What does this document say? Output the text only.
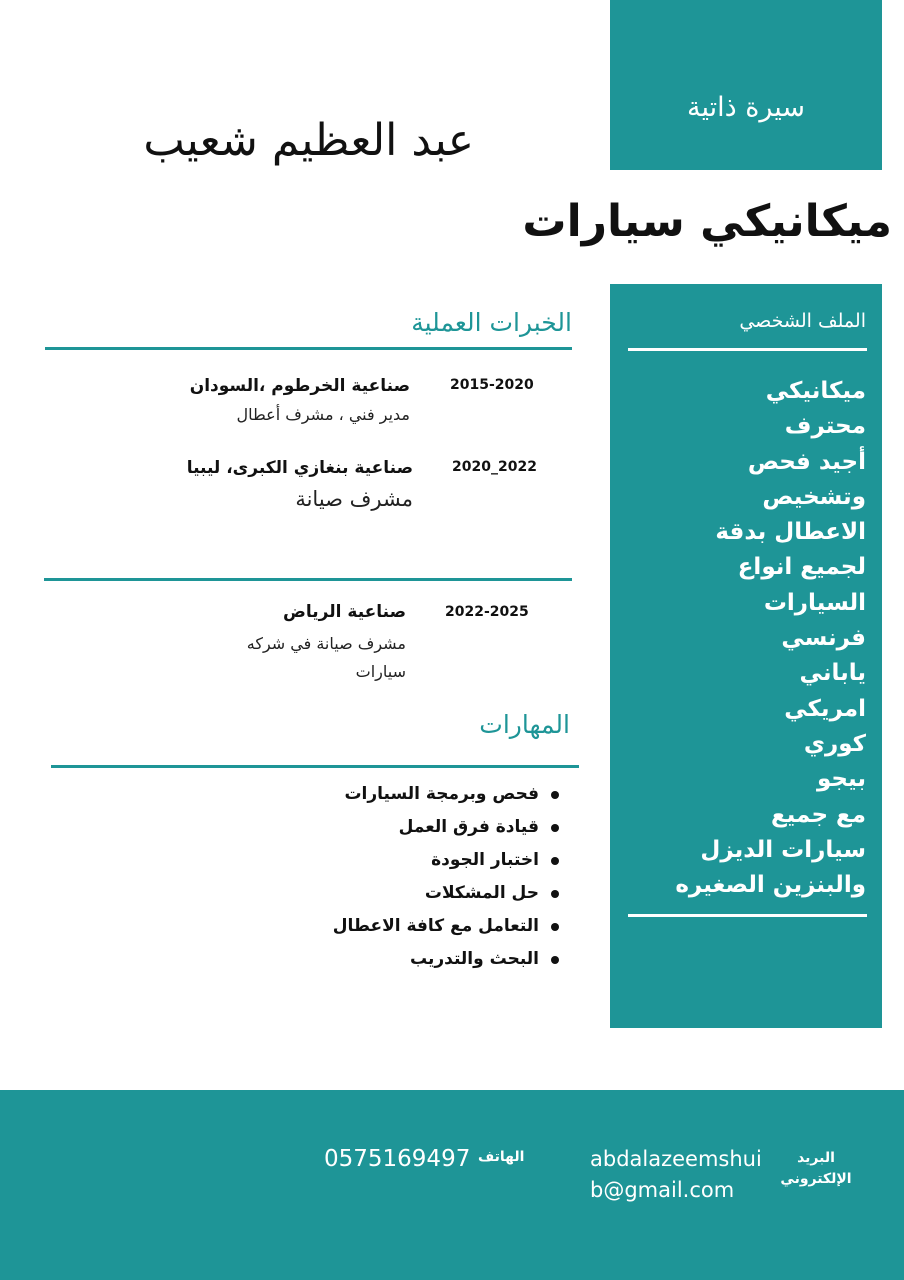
سيرة ذاتية
عبد العظيم شعيب
ميكانيكي سيارات
الملف الشخصي
ميكانيكي
محترف
أجيد فحص
وتشخيص
الاعطال بدقة
لجميع انواع
السيارات
فرنسي
ياباني
امريكي
كوري
بيجو
مع جميع
سيارات الديزل
والبنزين الصغيره
الخبرات العملية
صناعية الخرطوم ،السودان
مدير فني ، مشرف أعطال
2015-2020
صناعية بنغازي الكبرى، ليبيا
مشرف صيانة
2020_2022
صناعية الرياض
مشرف صيانة في شركه سيارات
2022-2025
المهارات
فحص وبرمجة السيارات
قيادة فرق العمل
اختبار الجودة
حل المشكلات
التعامل مع كافة الاعطال
البحث والتدريب
البريد الإلكتروني
abdalazeemshuib@gmail.com
الهاتف
0575169497
